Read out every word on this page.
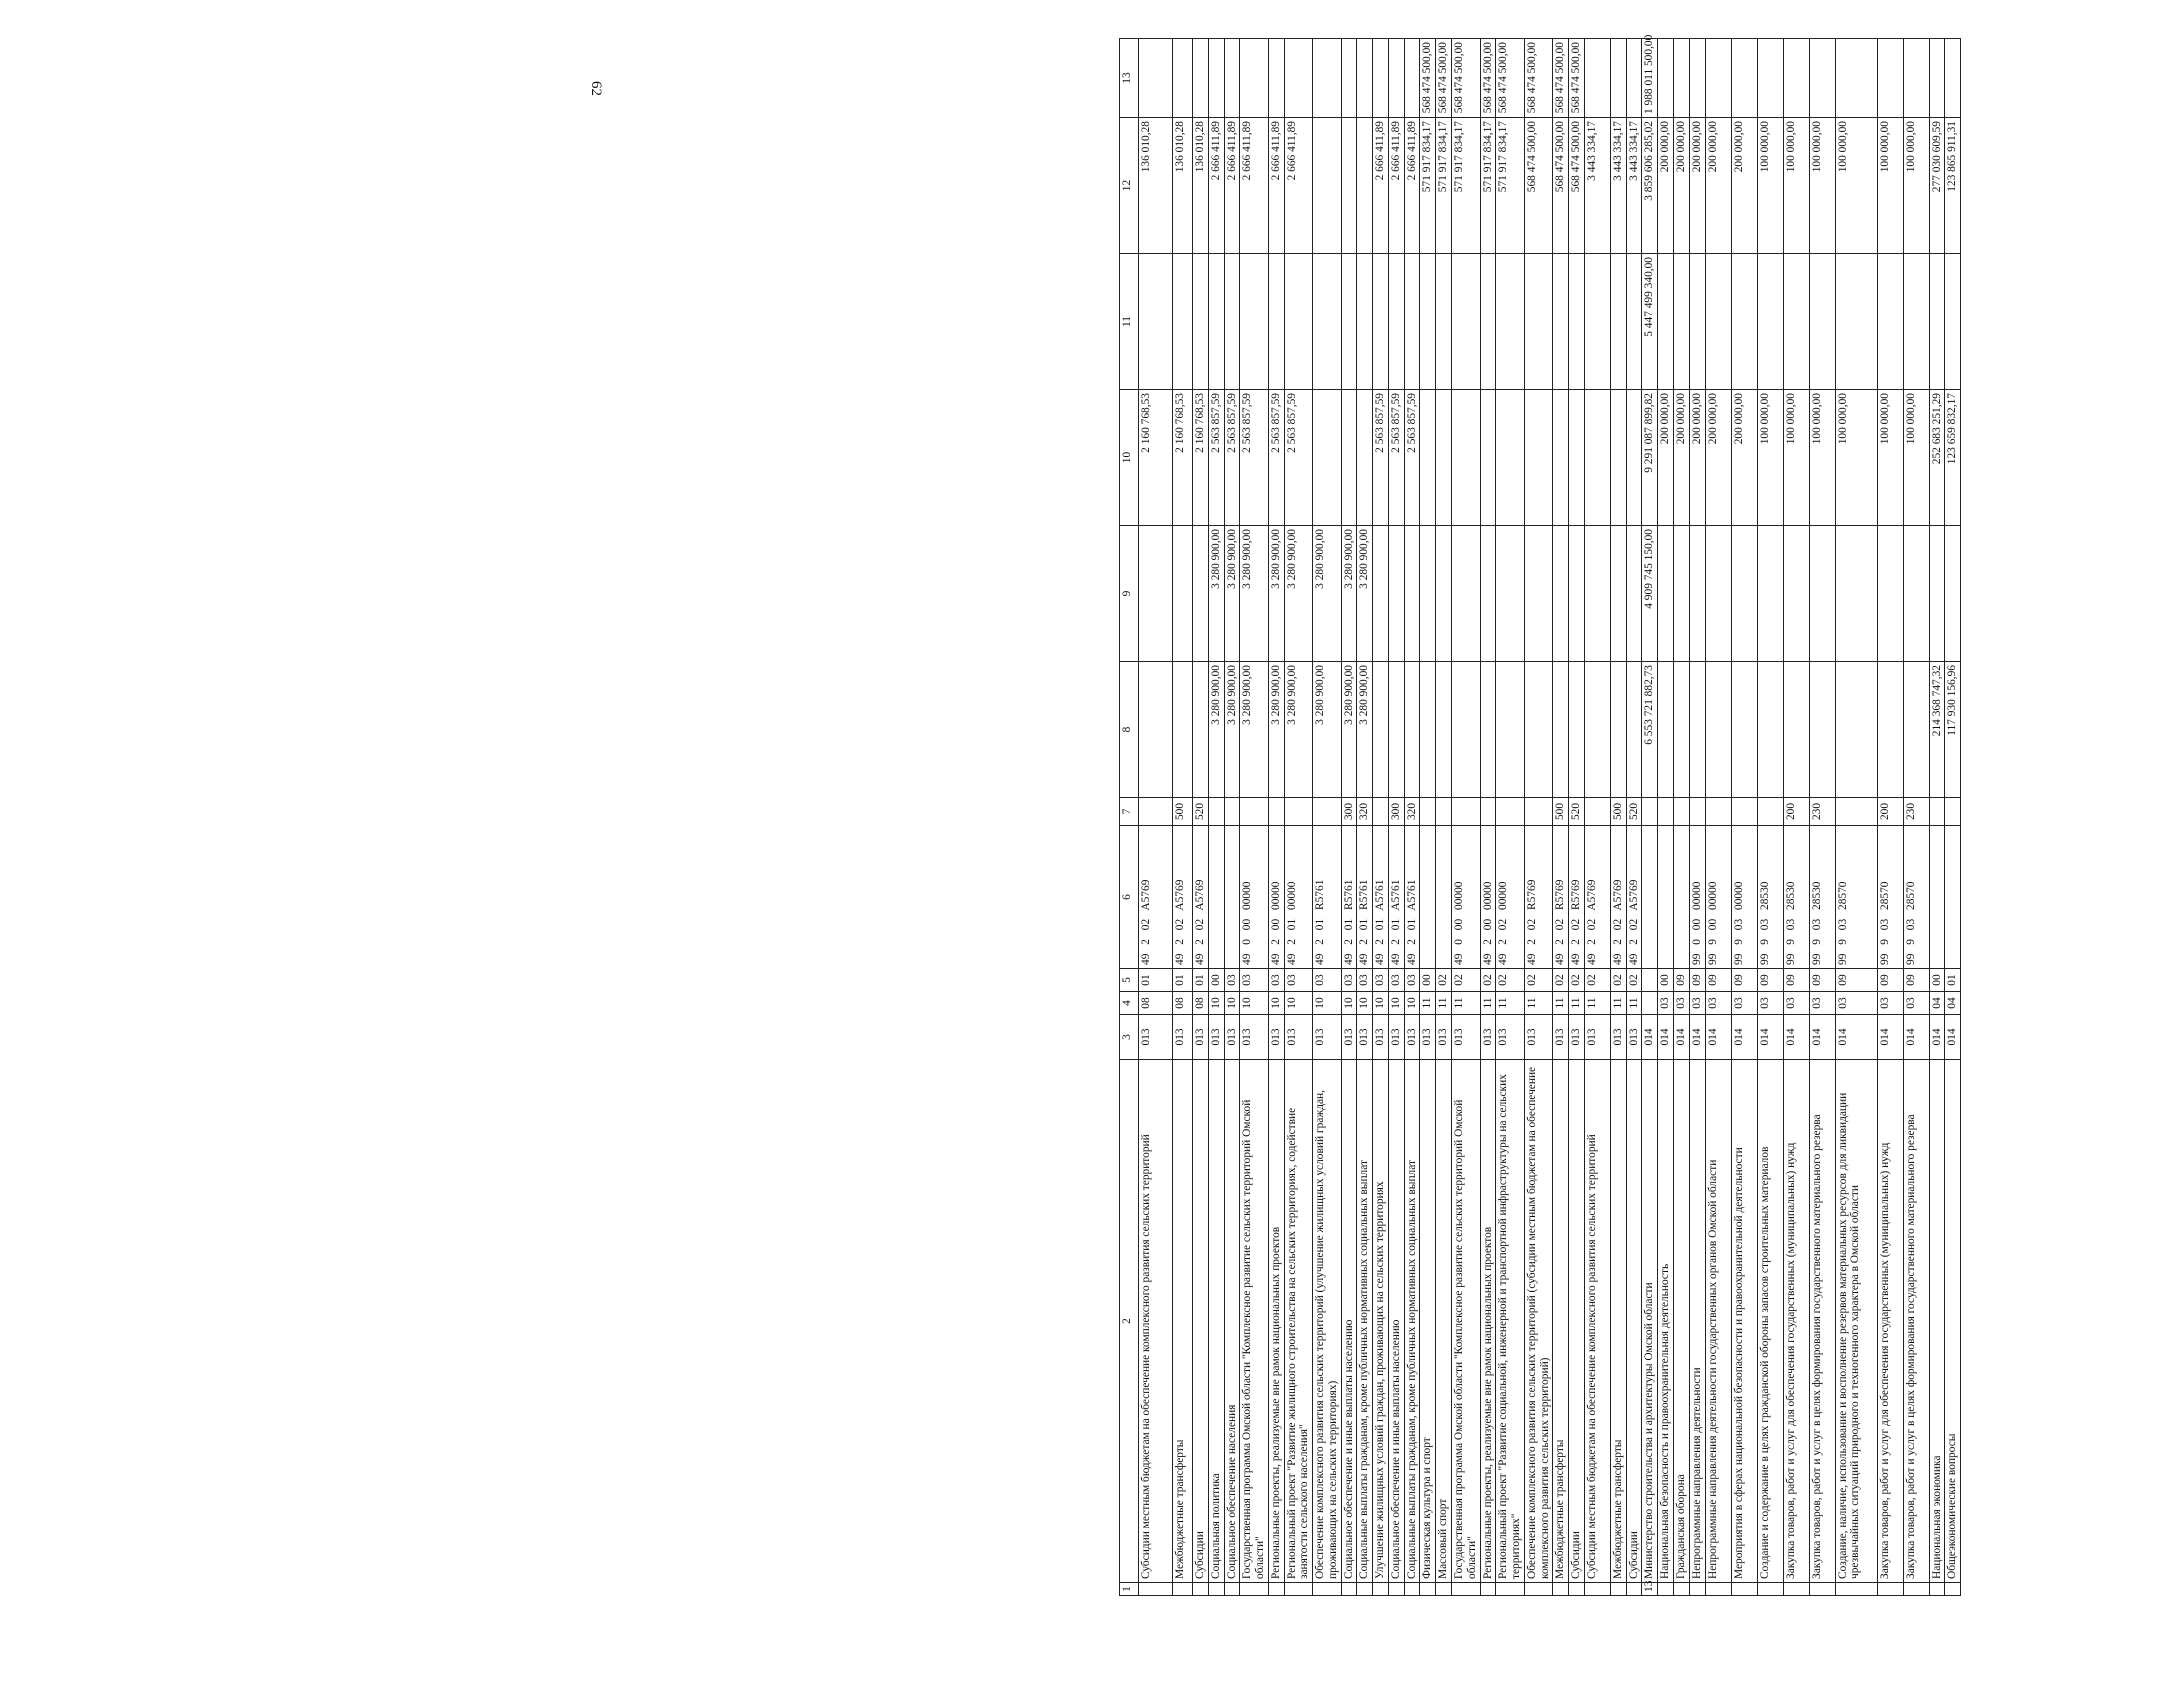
62
1	2	3	4	5	6	7	8	9	10	11	12	13
	Субсидии местным бюджетам на обеспечение комплексного развития сельских территорий	013	08	01	49 2 02 A5769				2 160 768,53		136 010,28	
	Межбюджетные трансферты	013	08	01	49 2 02 A5769	500			2 160 768,53		136 010,28	
	Субсидии	013	08	01	49 2 02 A5769	520			2 160 768,53		136 010,28	
	Социальная политика	013	10	00			3 280 900,00	3 280 900,00	2 563 857,59		2 666 411,89	
	Социальное обеспечение населения	013	10	03			3 280 900,00	3 280 900,00	2 563 857,59		2 666 411,89	
	Государственная программа Омской области "Комплексное развитие сельских территорий Омской области"	013	10	03	49 0 00 00000		3 280 900,00	3 280 900,00	2 563 857,59		2 666 411,89	
	Региональные проекты, реализуемые вне рамок национальных проектов	013	10	03	49 2 00 00000		3 280 900,00	3 280 900,00	2 563 857,59		2 666 411,89	
	Региональный проект "Развитие жилищного строительства на сельских территориях, содействие занятости сельского населения"	013	10	03	49 2 01 00000		3 280 900,00	3 280 900,00	2 563 857,59		2 666 411,89	
	Обеспечение комплексного развития сельских территорий (улучшение жилищных условий граждан, проживающих на сельских территориях)	013	10	03	49 2 01 R5761		3 280 900,00	3 280 900,00				
	Социальное обеспечение и иные выплаты населению	013	10	03	49 2 01 R5761	300	3 280 900,00	3 280 900,00				
	Социальные выплаты гражданам, кроме публичных нормативных социальных выплат	013	10	03	49 2 01 R5761	320	3 280 900,00	3 280 900,00				
	Улучшение жилищных условий граждан, проживающих на сельских территориях	013	10	03	49 2 01 A5761				2 563 857,59		2 666 411,89	
	Социальное обеспечение и иные выплаты населению	013	10	03	49 2 01 A5761	300			2 563 857,59		2 666 411,89	
	Социальные выплаты гражданам, кроме публичных нормативных социальных выплат	013	10	03	49 2 01 A5761	320			2 563 857,59		2 666 411,89	
	Физическая культура и спорт	013	11	00							571 917 834,17	568 474 500,00
	Массовый спорт	013	11	02							571 917 834,17	568 474 500,00
	Государственная программа Омской области "Комплексное развитие сельских территорий Омской области"	013	11	02	49 0 00 00000						571 917 834,17	568 474 500,00
	Региональные проекты, реализуемые вне рамок национальных проектов	013	11	02	49 2 00 00000						571 917 834,17	568 474 500,00
	Региональный проект "Развитие социальной, инженерной и транспортной инфраструктуры на сельских территориях"	013	11	02	49 2 02 00000						571 917 834,17	568 474 500,00
	Обеспечение комплексного развития сельских территорий (субсидии местным бюджетам на обеспечение комплексного развития сельских территорий)	013	11	02	49 2 02 R5769						568 474 500,00	568 474 500,00
	Межбюджетные трансферты	013	11	02	49 2 02 R5769	500					568 474 500,00	568 474 500,00
	Субсидии	013	11	02	49 2 02 R5769	520					568 474 500,00	568 474 500,00
	Субсидии местным бюджетам на обеспечение комплексного развития сельских территорий	013	11	02	49 2 02 A5769						3 443 334,17	
	Межбюджетные трансферты	013	11	02	49 2 02 A5769	500					3 443 334,17	
	Субсидии	013	11	02	49 2 02 A5769	520					3 443 334,17	
13	Министерство строительства и архитектуры Омской области	014					6 553 721 882,73	4 909 745 150,00	9 291 087 899,82	5 447 499 340,00	3 859 606 285,02	1 988 011 500,00
	Национальная безопасность и правоохранительная деятельность	014	03	00					200 000,00		200 000,00	
	Гражданская оборона	014	03	09					200 000,00		200 000,00	
	Непрограммные направления деятельности	014	03	09	99 0 00 00000				200 000,00		200 000,00	
	Непрограммные направления деятельности государственных органов Омской области	014	03	09	99 9 00 00000				200 000,00		200 000,00	
	Мероприятия в сферах национальной безопасности и правоохранительной деятельности	014	03	09	99 9 03 00000				200 000,00		200 000,00	
	Создание и содержание в целях гражданской обороны запасов строительных материалов	014	03	09	99 9 03 28530				100 000,00		100 000,00	
	Закупка товаров, работ и услуг для обеспечения государственных (муниципальных) нужд	014	03	09	99 9 03 28530	200			100 000,00		100 000,00	
	Закупка товаров, работ и услуг в целях формирования государственного материального резерва	014	03	09	99 9 03 28530	230			100 000,00		100 000,00	
	Создание, наличие, использование и восполнение резервов материальных ресурсов для ликвидации чрезвычайных ситуаций природного и техногенного характера в Омской области	014	03	09	99 9 03 28570				100 000,00		100 000,00	
	Закупка товаров, работ и услуг для обеспечения государственных (муниципальных) нужд	014	03	09	99 9 03 28570	200			100 000,00		100 000,00	
	Закупка товаров, работ и услуг в целях формирования государственного материального резерва	014	03	09	99 9 03 28570	230			100 000,00		100 000,00	
	Национальная экономика	014	04	00			214 368 747,32		252 683 251,29		277 030 609,59	
	Общеэкономические вопросы	014	04	01			117 930 156,96		123 659 832,17		123 865 911,31	
